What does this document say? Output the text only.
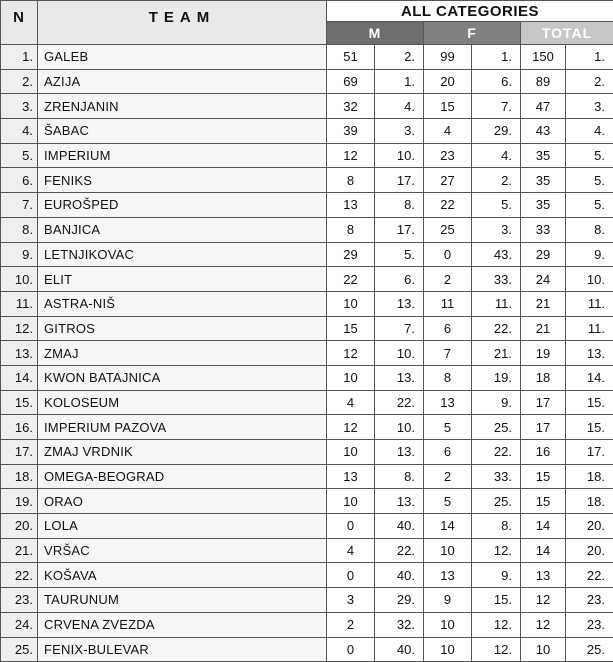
N	TEAM	ALL CATEGORIES					
		M		F		TOTAL	
1.	GALEB	51	2.	99	1.	150	1.
2.	AZIJA	69	1.	20	6.	89	2.
3.	ZRENJANIN	32	4.	15	7.	47	3.
4.	ŠABAC	39	3.	4	29.	43	4.
5.	IMPERIUM	12	10.	23	4.	35	5.
6.	FENIKS	8	17.	27	2.	35	5.
7.	EUROŠPED	13	8.	22	5.	35	5.
8.	BANJICA	8	17.	25	3.	33	8.
9.	LETNJIKOVAC	29	5.	0	43.	29	9.
10.	ELIT	22	6.	2	33.	24	10.
11.	ASTRA-NIŠ	10	13.	11	11.	21	11.
12.	GITROS	15	7.	6	22.	21	11.
13.	ZMAJ	12	10.	7	21.	19	13.
14.	KWON BATAJNICA	10	13.	8	19.	18	14.
15.	KOLOSEUM	4	22.	13	9.	17	15.
16.	IMPERIUM PAZOVA	12	10.	5	25.	17	15.
17.	ZMAJ VRDNIK	10	13.	6	22.	16	17.
18.	OMEGA-BEOGRAD	13	8.	2	33.	15	18.
19.	ORAO	10	13.	5	25.	15	18.
20.	LOLA	0	40.	14	8.	14	20.
21.	VRŠAC	4	22.	10	12.	14	20.
22.	KOŠAVA	0	40.	13	9.	13	22.
23.	TAURUNUM	3	29.	9	15.	12	23.
24.	CRVENA ZVEZDA	2	32.	10	12.	12	23.
25.	FENIX-BULEVAR	0	40.	10	12.	10	25.
